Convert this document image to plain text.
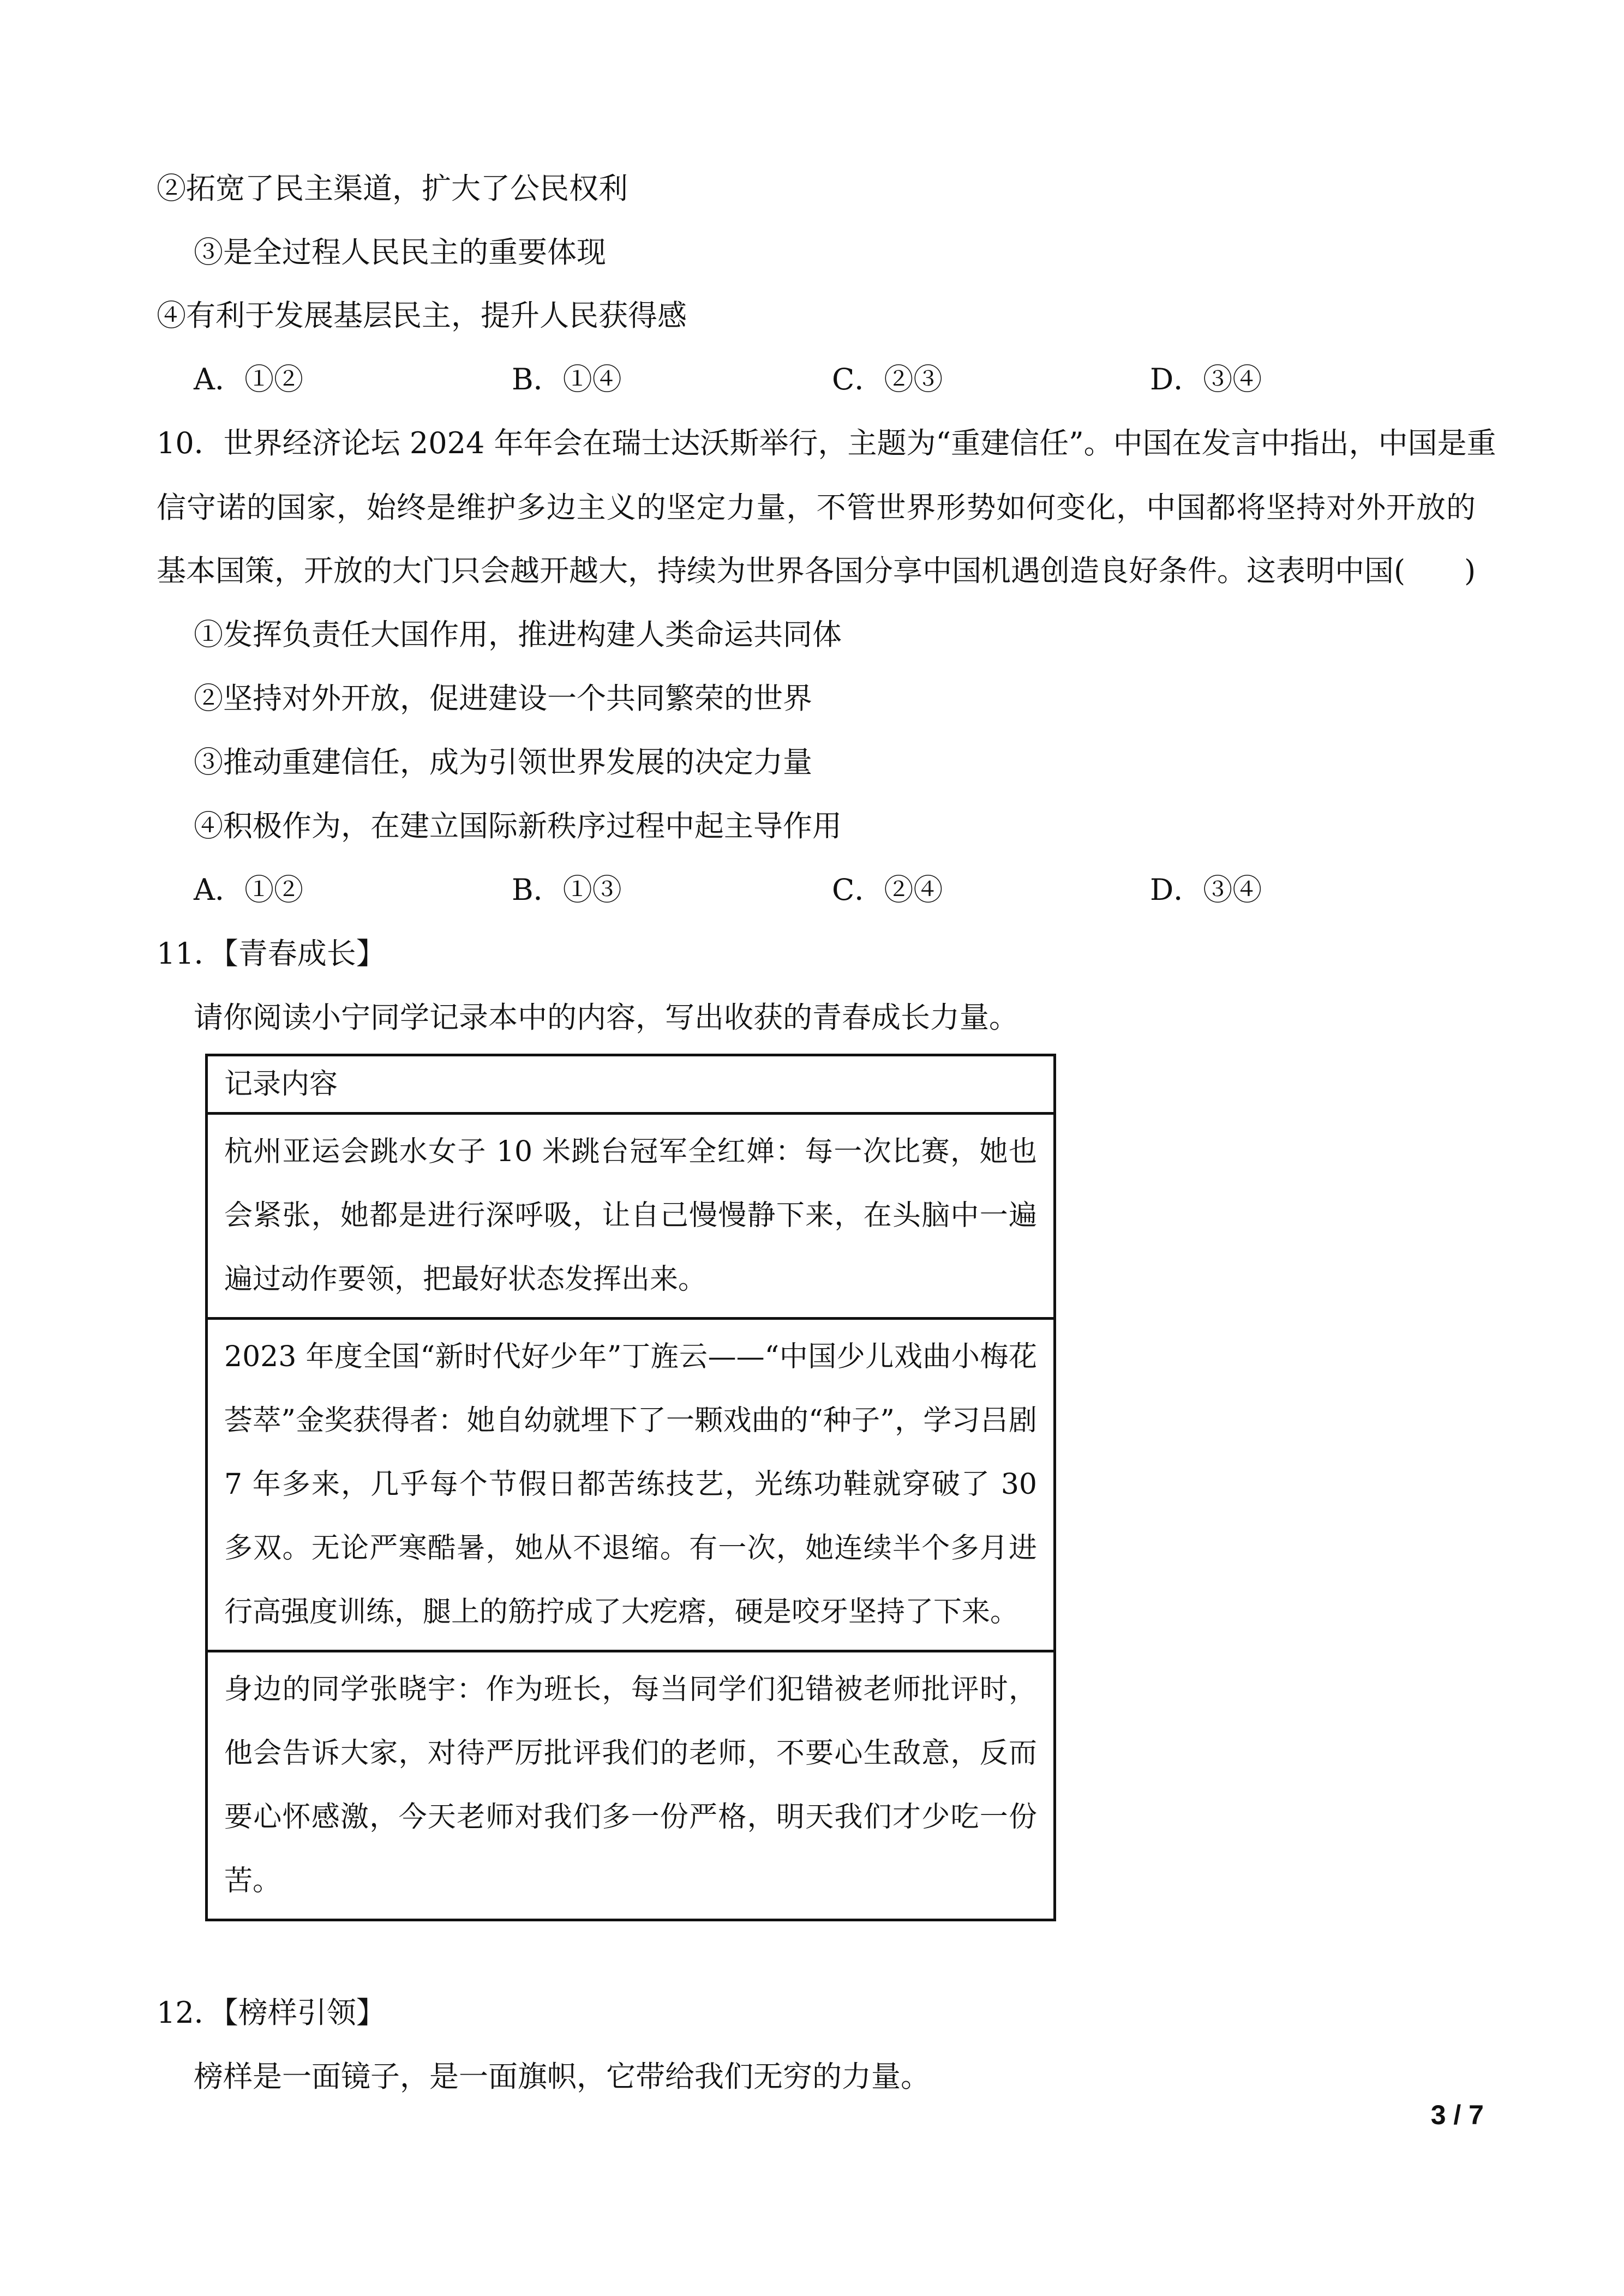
②拓宽了民主渠道，扩大了公民权利
③是全过程人民民主的重要体现
④有利于发展基层民主，提升人民获得感
A．①②	B．①④	C．②③	D．③④
10．世界经济论坛 2024 年年会在瑞士达沃斯举行，主题为“重建信任”。中国在发言中指出，中国是重
信守诺的国家，始终是维护多边主义的坚定力量，不管世界形势如何变化，中国都将坚持对外开放的
基本国策，开放的大门只会越开越大，持续为世界各国分享中国机遇创造良好条件。这表明中国(　　)
①发挥负责任大国作用，推进构建人类命运共同体
②坚持对外开放，促进建设一个共同繁荣的世界
③推动重建信任，成为引领世界发展的决定力量
④积极作为，在建立国际新秩序过程中起主导作用
A．①②	B．①③	C．②④	D．③④
11．【青春成长】
请你阅读小宁同学记录本中的内容，写出收获的青春成长力量。
记录内容
杭州亚运会跳水女子 10 米跳台冠军全红婵：每一次比赛，她也会紧张，她都是进行深呼吸，让自己慢慢静下来，在头脑中一遍遍过动作要领，把最好状态发挥出来。
2023 年度全国“新时代好少年”丁旌云——“中国少儿戏曲小梅花荟萃”金奖获得者：她自幼就埋下了一颗戏曲的“种子”，学习吕剧 7 年多来，几乎每个节假日都苦练技艺，光练功鞋就穿破了 30 多双。无论严寒酷暑，她从不退缩。有一次，她连续半个多月进行高强度训练，腿上的筋拧成了大疙瘩，硬是咬牙坚持了下来。
身边的同学张晓宇：作为班长，每当同学们犯错被老师批评时，他会告诉大家，对待严厉批评我们的老师，不要心生敌意，反而要心怀感激，今天老师对我们多一份严格，明天我们才少吃一份苦。
12．【榜样引领】
榜样是一面镜子，是一面旗帜，它带给我们无穷的力量。
3 / 7
